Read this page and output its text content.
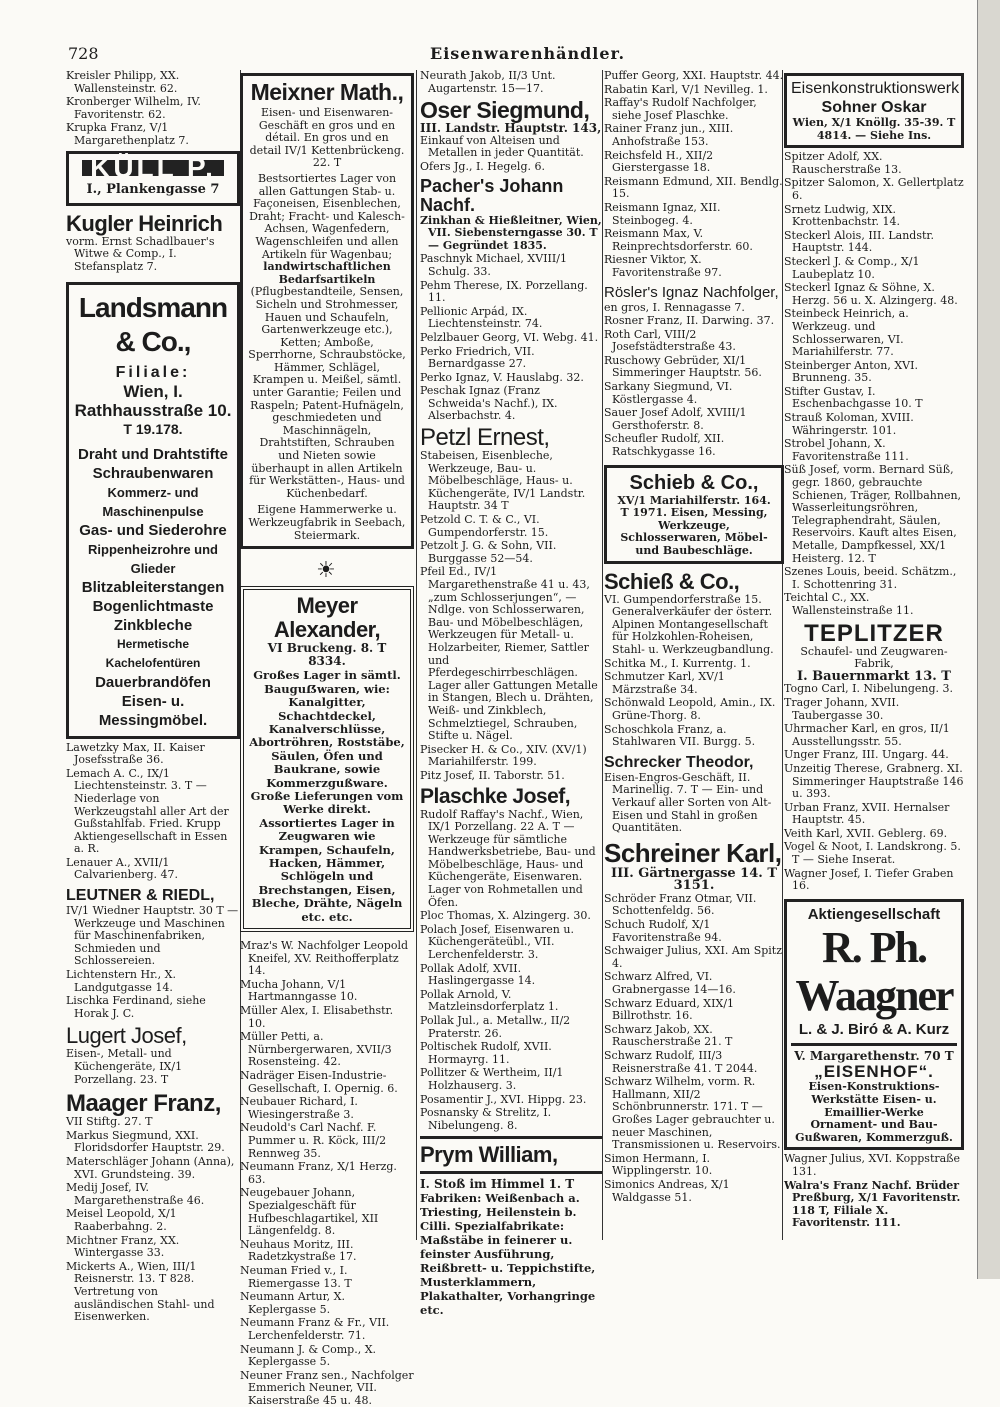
728	Eisenwarenhändler.
Kreisler Philipp, XX. Wallensteinstr. 62.
Kronberger Wilhelm, IV. Favoritenstr. 62.
Krupka Franz, V/1 Margarethenplatz 7.
KÜLL P.
I., Plankengasse 7
Kugler Heinrich
vorm. Ernst Schadlbauer's Witwe & Comp., I. Stefansplatz 7.
Landsmann & Co.,
Filiale:
Wien, I. Rathhausstraße 10.
T 19.178.
Draht und Drahtstifte
Schraubenwaren
Kommerz- und Maschinenpulse
Gas- und Siederohre
Rippenheizrohre und Glieder
Blitzableiterstangen
Bogenlichtmaste
Zinkbleche
Hermetische Kachelofentüren
Dauerbrandöfen
Eisen- u. Messingmöbel.
Lawetzky Max, II. Kaiser Josefsstraße 36.
Lemach A. C., IX/1 Liechtensteinstr. 3. T — Niederlage von Werkzeugstahl aller Art der Gußstahlfab. Fried. Krupp Aktiengesellschaft in Essen a. R.
Lenauer A., XVII/1 Calvarienberg. 47.
LEUTNER & RIEDL,
IV/1 Wiedner Hauptstr. 30 T — Werkzeuge und Maschinen für Maschinenfabriken, Schmieden und Schlossereien.
Lichtenstern Hr., X. Landgutgasse 14.
Lischka Ferdinand, siehe Horak J. C.
Lugert Josef,
Eisen-, Metall- und Küchengeräte, IX/1 Porzellang. 23. T
Maager Franz,
VII Stiftg. 27. T
Markus Siegmund, XXI. Floridsdorfer Hauptstr. 29.
Materschläger Johann (Anna), XVI. Grundsteing. 39.
Medij Josef, IV. Margarethenstraße 46.
Meisel Leopold, X/1 Raaberbahng. 2.
Michtner Franz, XX. Wintergasse 33.
Mickerts A., Wien, III/1 Reisnerstr. 13. T 828. Vertretung von ausländischen Stahl- und Eisenwerken.
Meixner Math.,
Eisen- und Eisenwaren-Geschäft en gros und en détail. En gros und en detail IV/1 Kettenbrückeng. 22. T
Bestsortiertes Lager von allen Gattungen Stab- u. Façoneisen, Eisenblechen,
Draht; Fracht- und Kalesch-Achsen, Wagenfedern, Wagenschleifen und allen Artikeln für Wagenbau;
landwirtschaftlichen Bedarfsartikeln
(Pflugbestandteile, Sensen, Sicheln und Strohmesser, Hauen und Schaufeln, Gartenwerkzeuge etc.), Ketten; Amboße, Sperrhorne, Schraubstöcke, Hämmer, Schlägel, Krampen u. Meißel, sämtl. unter Garantie; Feilen und Raspeln; Patent-Hufnägeln, geschmiedeten und Maschinnägeln, Drahtstiften, Schrauben und Nieten sowie überhaupt in allen Artikeln für Werkstätten-, Haus- und Küchenbedarf.
Eigene Hammerwerke u. Werkzeugfabrik in Seebach, Steiermark.
☀
Meyer Alexander,
VI Bruckeng. 8. T 8334.
Großes Lager in sämtl. Bauguẞwaren, wie: Kanalgitter, Schachtdeckel, Kanalverschlüsse, Abortröhren, Roststäbe, Säulen, Öfen und Baukrane, sowie Kommerzgußware. Große Lieferungen vom Werke direkt. Assortiertes Lager in Zeugwaren wie Krampen, Schaufeln, Hacken, Hämmer, Schlögeln und Brechstangen, Eisen, Bleche, Drähte, Nägeln etc. etc.
Mraz's W. Nachfolger Leopold Kneifel, XV. Reithofferplatz 14.
Mucha Johann, V/1 Hartmanngasse 10.
Müller Alex, I. Elisabethstr. 10.
Müller Petti, a. Nürnbergerwaren, XVII/3 Rosensteing. 42.
Nadräger Eisen-Industrie-Gesellschaft, I. Opernig. 6.
Neubauer Richard, I. Wiesingerstraße 3.
Neudold's Carl Nachf. F. Pummer u. R. Köck, III/2 Rennweg 35.
Neumann Franz, X/1 Herzg. 63.
Neugebauer Johann, Spezialgeschäft für Hufbeschlagartikel, XII Längenfeldg. 8.
Neuhaus Moritz, III. Radetzkystraße 17.
Neuman Fried v., I. Riemergasse 13. T
Neumann Artur, X. Keplergasse 5.
Neumann Franz & Fr., VII. Lerchenfelderstr. 71.
Neumann J. & Comp., X. Keplergasse 5.
Neuner Franz sen., Nachfolger Emmerich Neuner, VII. Kaiserstraße 45 u. 48.
Neurath Jakob, II/3 Unt. Augartenstr. 15—17.
Oser Siegmund,
III. Landstr. Hauptstr. 143,
Einkauf von Alteisen und Metallen in jeder Quantität.
Ofers Jg., I. Hegelg. 6.
Pacher's Johann Nachf.
Zinkhan & Hießleitner, Wien, VII. Siebensterngasse 30. T — Gegründet 1835.
Paschnyk Michael, XVIII/1 Schulg. 33.
Pehm Therese, IX. Porzellang. 11.
Pellionic Arpád, IX. Liechtensteinstr. 74.
Pelzlbauer Georg, VI. Webg. 41.
Perko Friedrich, VII. Bernardgasse 27.
Perko Ignaz, V. Hauslabg. 32.
Peschak Ignaz (Franz Schweida's Nachf.), IX. Alserbachstr. 4.
Petzl Ernest,
Stabeisen, Eisenbleche, Werkzeuge, Bau- u. Möbelbeschläge, Haus- u. Küchengeräte, IV/1 Landstr. Hauptstr. 34 T
Petzold C. T. & C., VI. Gumpendorferstr. 15.
Petzolt J. G. & Sohn, VII. Burggasse 52—54.
Pfeil Ed., IV/1 Margarethenstraße 41 u. 43, „zum Schlosserjungen“, —Ndlge. von Schlosserwaren, Bau- und Möbelbeschlägen, Werkzeugen für Metall- u. Holzarbeiter, Riemer, Sattler und Pferdegeschirrbeschlägen. Lager aller Gattungen Metalle in Stangen, Blech u. Drähten, Weiß- und Zinkblech, Schmelztiegel, Schrauben, Stifte u. Nägel.
Pisecker H. & Co., XIV. (XV/1) Mariahilferstr. 199.
Pitz Josef, II. Taborstr. 51.
Plaschke Josef,
Rudolf Raffay's Nachf., Wien, IX/1 Porzellang. 22 A. T — Werkzeuge für sämtliche Handwerksbetriebe, Bau- und Möbelbeschläge, Haus- und Küchengeräte, Eisenwaren. Lager von Rohmetallen und Öfen.
Ploc Thomas, X. Alzingerg. 30.
Polach Josef, Eisenwaren u. Küchengeräteübl., VII. Lerchenfelderstr. 3.
Pollak Adolf, XVII. Haslingergasse 14.
Pollak Arnold, V. Matzleinsdorferplatz 1.
Pollak Jul., a. Metallw., II/2 Praterstr. 26.
Poltischek Rudolf, XVII. Hormayrg. 11.
Pollitzer & Wertheim, II/1 Holzhauserg. 3.
Posamentir J., XVI. Hippg. 23.
Posnansky & Strelitz, I. Nibelungeng. 8.
Prym William,
I. Stoß im Himmel 1. T
Fabriken: Weißenbach a. Triesting, Heilenstein b. Cilli. Spezialfabrikate: Maßstäbe in feinerer u. feinster Ausführung, Reißbrett- u. Teppichstifte, Musterklammern, Plakathalter, Vorhangringe etc.
Puffer Georg, XXI. Hauptstr. 44.
Rabatin Karl, V/1 Nevilleg. 1.
Raffay's Rudolf Nachfolger, siehe Josef Plaschke.
Rainer Franz jun., XIII. Anhofstraße 153.
Reichsfeld H., XII/2 Gierstergasse 18.
Reismann Edmund, XII. Bendlg. 15.
Reismann Ignaz, XII. Steinbogeg. 4.
Reismann Max, V. Reinprechtsdorferstr. 60.
Riesner Viktor, X. Favoritenstraße 97.
Rösler's Ignaz Nachfolger,
en gros, I. Rennagasse 7.
Rosner Franz, II. Darwing. 37.
Roth Carl, VIII/2 Josefstädterstraße 43.
Ruschowy Gebrüder, XI/1 Simmeringer Hauptstr. 56.
Sarkany Siegmund, VI. Köstlergasse 4.
Sauer Josef Adolf, XVIII/1 Gersthoferstr. 8.
Scheufler Rudolf, XII. Ratschkygasse 16.
Schieb & Co.,
XV/1 Mariahilferstr. 164. T 1971. Eisen, Messing, Werkzeuge, Schlosserwaren, Möbel- und Baubeschläge.
Schieß & Co.,
VI. Gumpendorferstraße 15. Generalverkäufer der österr. Alpinen Montangesellschaft für Holzkohlen-Roheisen, Stahl- u. Werkzeugbandlung.
Schitka M., I. Kurrentg. 1.
Schmutzer Karl, XV/1 Märzstraße 34.
Schönwald Leopold, Amin., IX. Grüne-Thorg. 8.
Schoschkola Franz, a. Stahlwaren VII. Burgg. 5.
Schrecker Theodor,
Eisen-Engros-Geschäft, II. Marinellig. 7. T — Ein- und Verkauf aller Sorten von Alt-Eisen und Stahl in großen Quantitäten.
Schreiner Karl,
III. Gärtnergasse 14. T 3151.
Schröder Franz Otmar, VII. Schottenfeldg. 56.
Schuch Rudolf, X/1 Favoritenstraße 94.
Schwaiger Julius, XXI. Am Spitz 4.
Schwarz Alfred, VI. Grabnergasse 14—16.
Schwarz Eduard, XIX/1 Billrothstr. 16.
Schwarz Jakob, XX. Rauscherstraße 21. T
Schwarz Rudolf, III/3 Reisnerstraße 41. T 2044.
Schwarz Wilhelm, vorm. R. Hallmann, XII/2 Schönbrunnerstr. 171. T — Großes Lager gebrauchter u. neuer Maschinen, Transmissionen u. Reservoirs.
Simon Hermann, I. Wipplingerstr. 10.
Simonics Andreas, X/1 Waldgasse 51.
Eisenkonstruktionswerk
Sohner Oskar
Wien, X/1 Knöllg. 35-39. T 4814. — Siehe Ins.
Spitzer Adolf, XX. Rauscherstraße 13.
Spitzer Salomon, X. Gellertplatz 6.
Srnetz Ludwig, XIX. Krottenbachstr. 14.
Steckerl Alois, III. Landstr. Hauptstr. 144.
Steckerl J. & Comp., X/1 Laubeplatz 10.
Steckerl Ignaz & Söhne, X. Herzg. 56 u. X. Alzingerg. 48.
Steinbeck Heinrich, a. Werkzeug. und Schlosserwaren, VI. Mariahilferstr. 77.
Steinberger Anton, XVI. Brunneng. 35.
Stifter Gustav, I. Eschenbachgasse 10. T
Strauß Koloman, XVIII. Währingerstr. 101.
Strobel Johann, X. Favoritenstraße 111.
Süß Josef, vorm. Bernard Süß, gegr. 1860, gebrauchte Schienen, Träger, Rollbahnen, Wasserleitungsröhren, Telegraphendraht, Säulen, Reservoirs. Kauft altes Eisen, Metalle, Dampfkessel, XX/1 Heisterg. 12. T
Szenes Louis, beeid. Schätzm., I. Schottenring 31.
Teichtal C., XX. Wallensteinstraße 11.
TEPLITZER
Schaufel- und Zeugwaren-Fabrik,
I. Bauernmarkt 13. T
Togno Carl, I. Nibelungeng. 3.
Trager Johann, XVII. Taubergasse 30.
Uhrmacher Karl, en gros, II/1 Ausstellungsstr. 55.
Unger Franz, III. Ungarg. 44.
Unzeitig Therese, Grabnerg. XI. Simmeringer Hauptstraße 146 u. 393.
Urban Franz, XVII. Hernalser Hauptstr. 45.
Veith Karl, XVII. Geblerg. 69.
Vogel & Noot, I. Landskrong. 5. T — Siehe Inserat.
Wagner Josef, I. Tiefer Graben 16.
Aktiengesellschaft
R. Ph. Waagner
L. & J. Biró & A. Kurz
V. Margarethenstr. 70 T
„EISENHOF“.
Eisen-Konstruktions-Werkstätte Eisen- u. Emaillier-Werke Ornament- und Bau-Gußwaren, Kommerzguß.
Wagner Julius, XVI. Koppstraße 131.
Walra's Franz Nachf. Brüder Preßburg, X/1 Favoritenstr. 118 T, Filiale X. Favoritenstr. 111.
